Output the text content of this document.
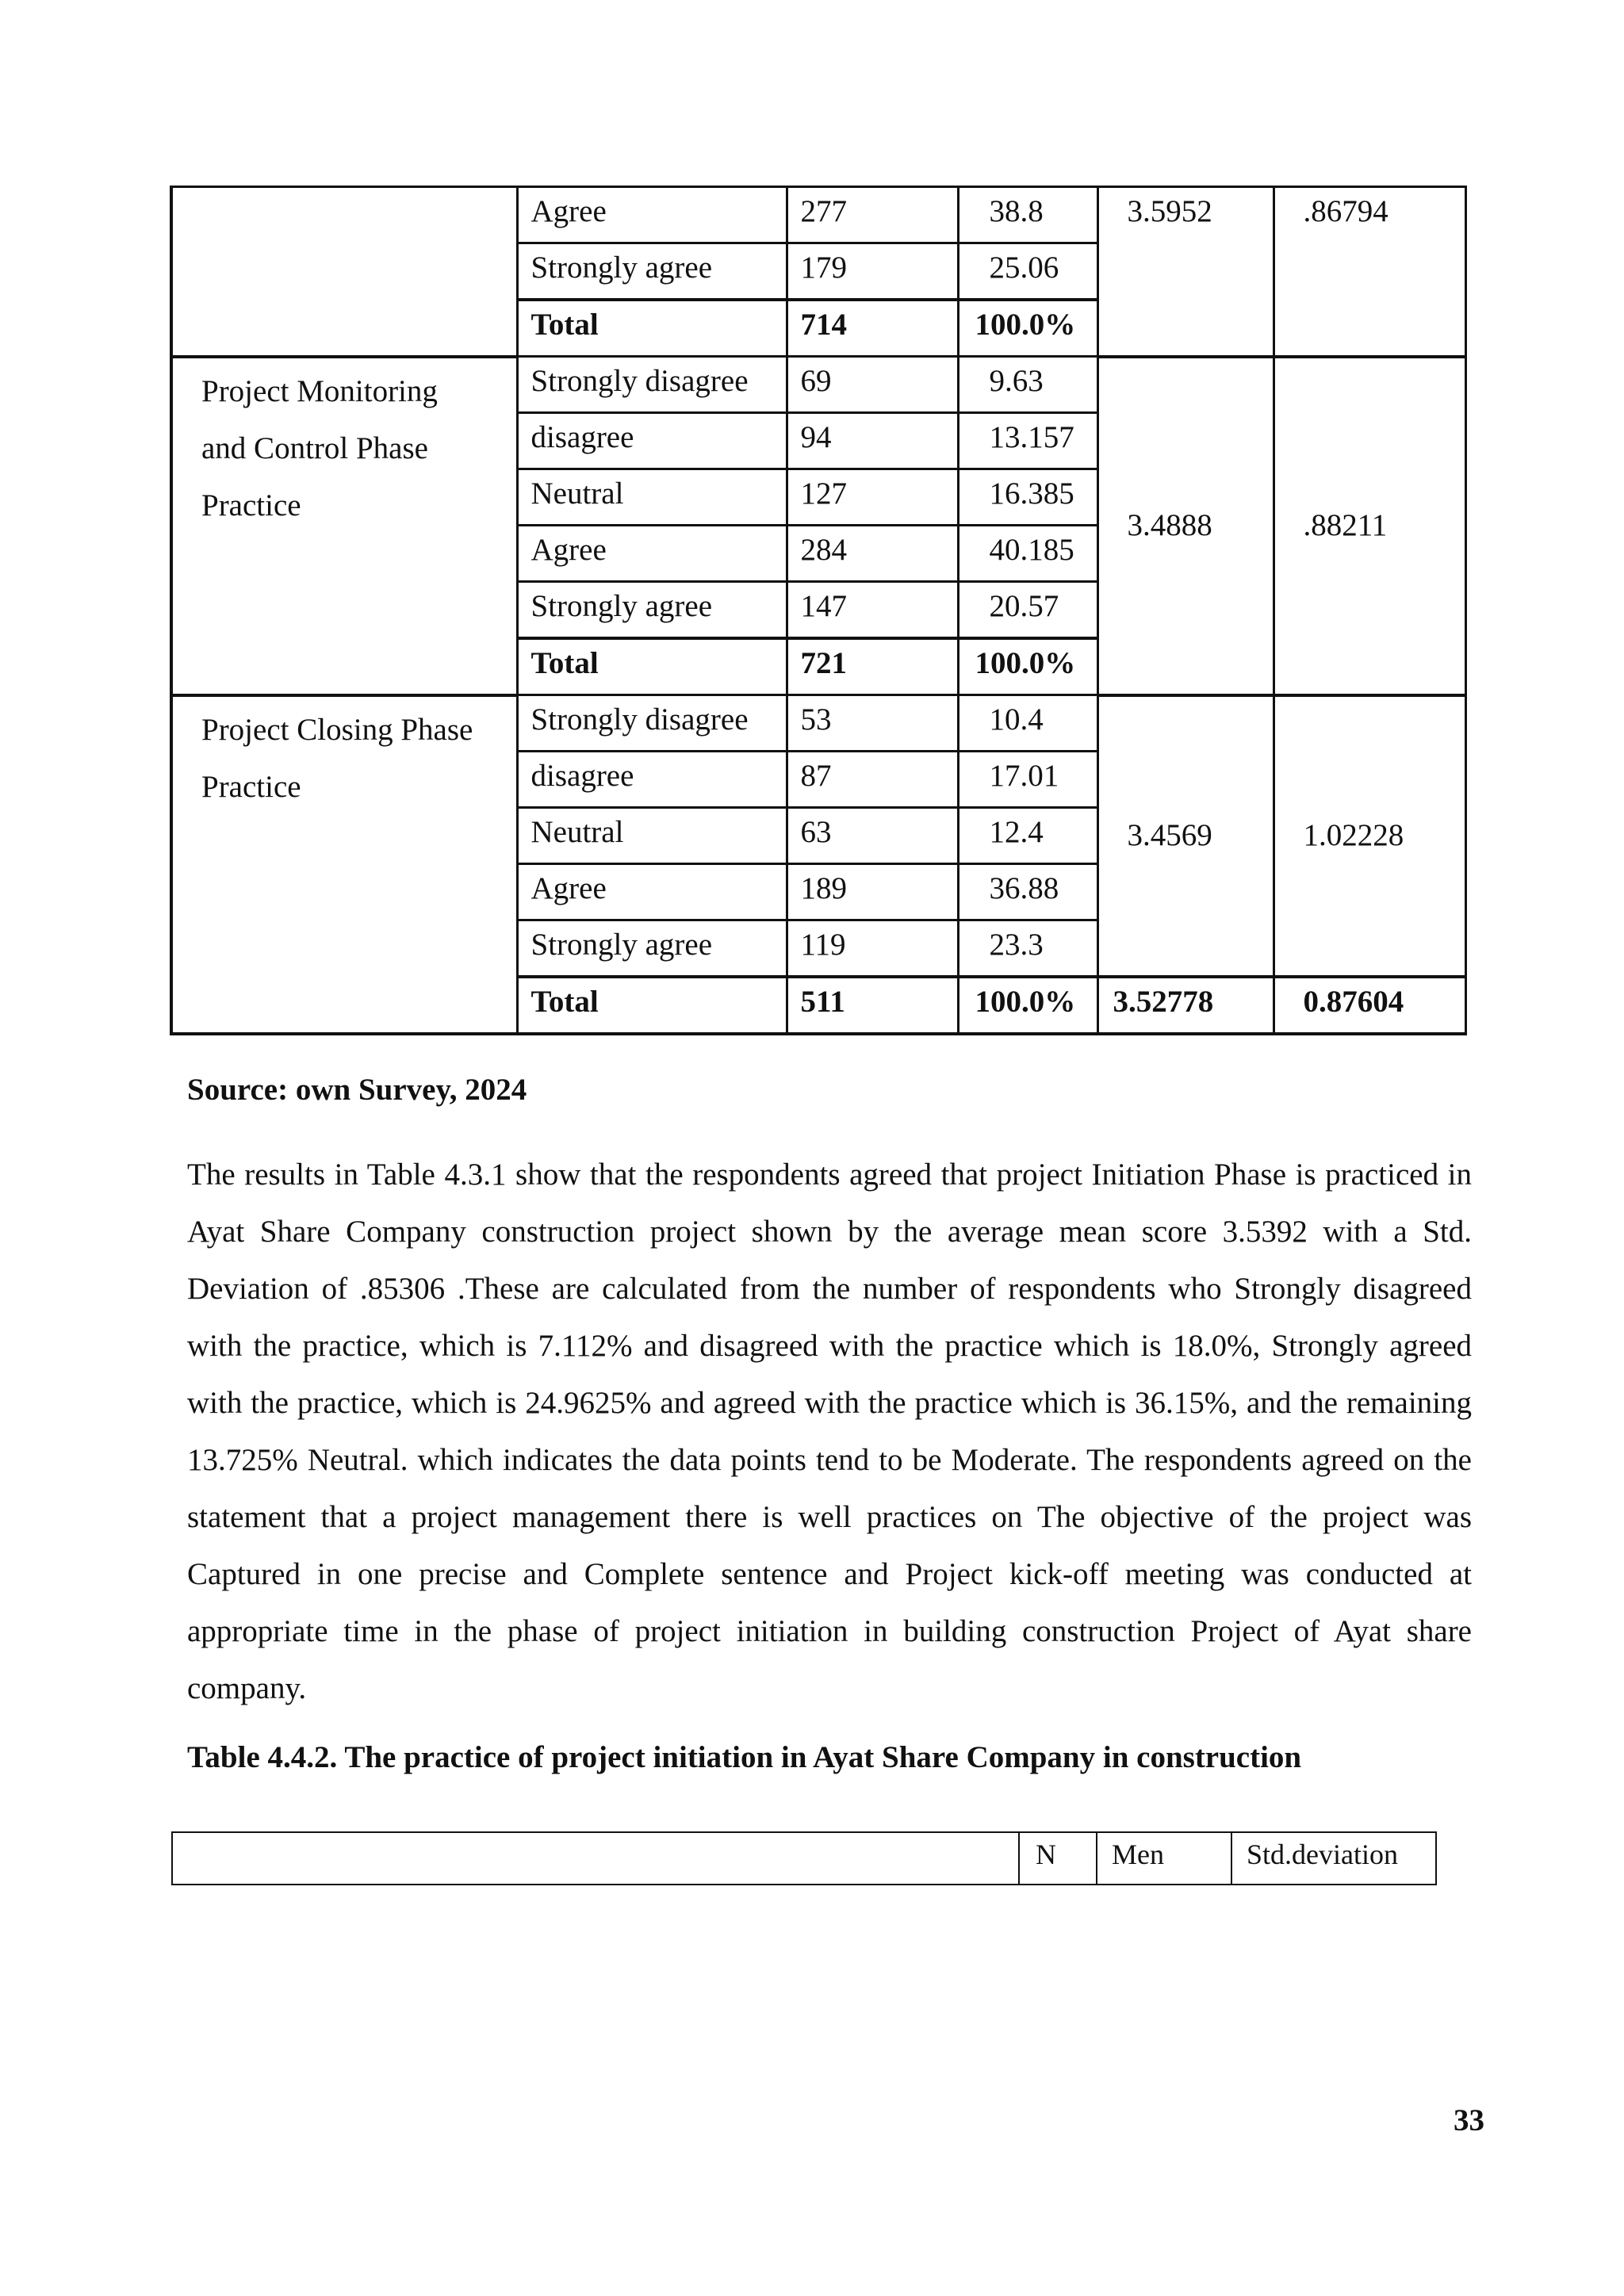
	Agree	277	38.8	3.5952	.86794
	Strongly agree	179	25.06		
	Total	714	100.0%		

Project Monitoring
and Control Phase
Practice	Strongly disagree	69	9.63	3.4888	.88211
	disagree	94	13.157		
	Neutral	127	16.385		
	Agree	284	40.185		
	Strongly agree	147	20.57		
	Total	721	100.0%		

Project Closing Phase
Practice	Strongly disagree	53	10.4	3.4569	1.02228
	disagree	87	17.01		
	Neutral	63	12.4		
	Agree	189	36.88		
	Strongly agree	119	23.3		
	Total	511	100.0%	3.52778	0.87604

Source: own Survey, 2024

The results in Table 4.3.1 show that the respondents agreed that project Initiation Phase is practiced in Ayat Share Company construction project shown by the average mean score 3.5392 with a Std. Deviation of .85306 .These are calculated from the number of respondents who Strongly disagreed with the practice, which is 7.112% and disagreed with the practice which is 18.0%, Strongly agreed with the practice, which is 24.9625% and agreed with the practice which is 36.15%, and the remaining 13.725% Neutral. which indicates the data points tend to be Moderate. The respondents agreed on the statement that a project management there is well practices on The objective of the project was Captured in one precise and Complete sentence and Project kick-off meeting was conducted at appropriate time in the phase of project initiation in building construction Project of Ayat share company.

Table 4.4.2. The practice of project initiation in Ayat Share Company in construction

	N	Men	Std.deviation

33
